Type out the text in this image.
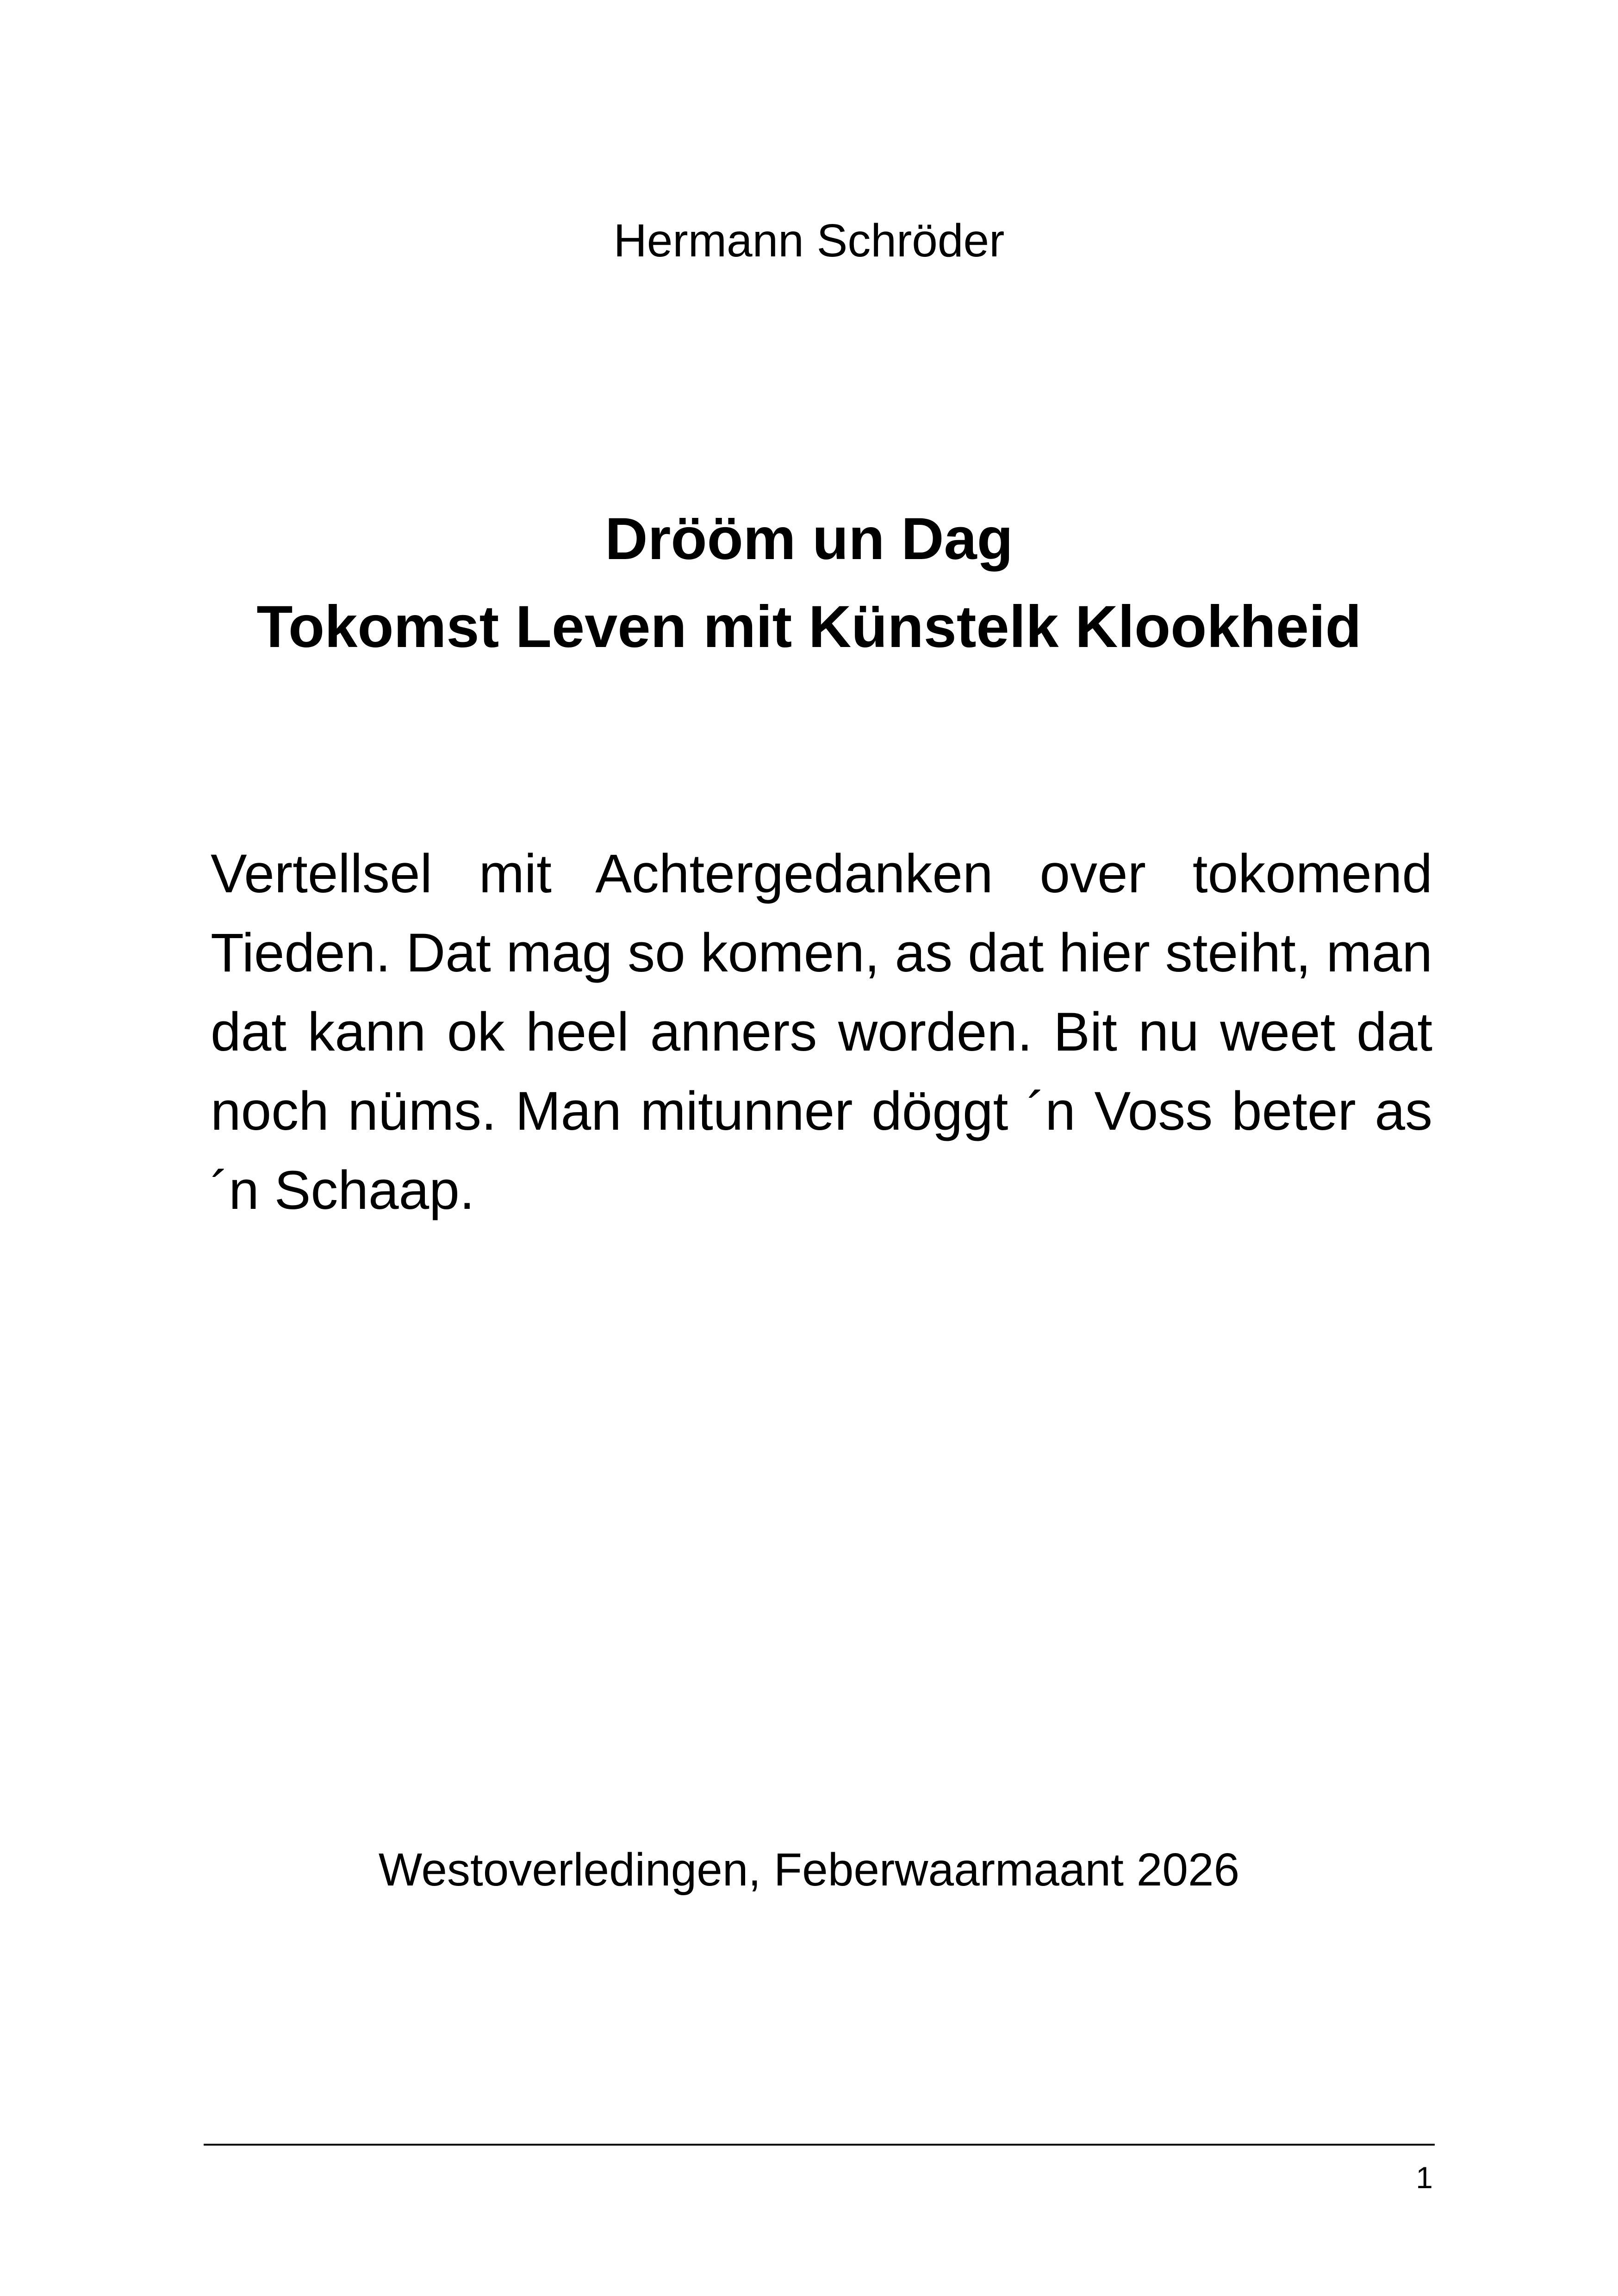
Hermann Schröder
Drööm un Dag
Tokomst Leven mit Künstelk Klookheid

Vertellsel mit Achtergedanken over tokomend Tieden. Dat mag so komen, as dat hier steiht, man dat kann ok heel anners worden. Bit nu weet dat noch nüms. Man mitunner döggt ´n Voss beter as ´n Schaap.

Westoverledingen, Feberwaarmaant 2026
1
